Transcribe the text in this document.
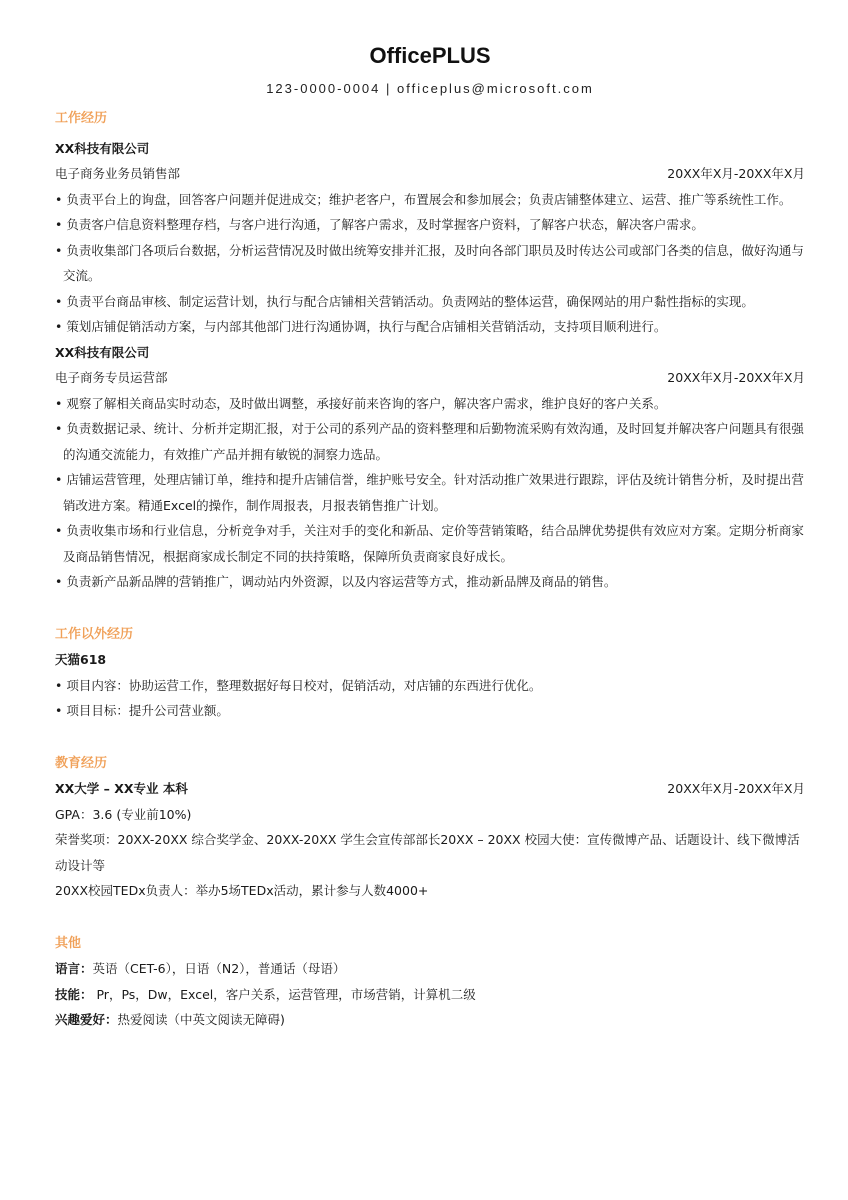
OfficePLUS
123-0000-0004 | officeplus@microsoft.com
工作经历
XX科技有限公司
电子商务业务员销售部	20XX年X月-20XX年X月
• 负责平台上的询盘，回答客户问题并促进成交；维护老客户，布置展会和参加展会；负责店铺整体建立、运营、推广等系统性工作。
• 负责客户信息资料整理存档，与客户进行沟通，了解客户需求，及时掌握客户资料，了解客户状态，解决客户需求。
• 负责收集部门各项后台数据，分析运营情况及时做出统筹安排并汇报，及时向各部门职员及时传达公司或部门各类的信息，做好沟通与交流。
• 负责平台商品审核、制定运营计划，执行与配合店铺相关营销活动。负责网站的整体运营，确保网站的用户黏性指标的实现。
• 策划店铺促销活动方案，与内部其他部门进行沟通协调，执行与配合店铺相关营销活动，支持项目顺利进行。
XX科技有限公司
电子商务专员运营部	20XX年X月-20XX年X月
• 观察了解相关商品实时动态，及时做出调整，承接好前来咨询的客户，解决客户需求，维护良好的客户关系。
• 负责数据记录、统计、分析并定期汇报，对于公司的系列产品的资料整理和后勤物流采购有效沟通，及时回复并解决客户问题具有很强的沟通交流能力，有效推广产品并拥有敏锐的洞察力选品。
• 店铺运营管理，处理店铺订单，维持和提升店铺信誉，维护账号安全。针对活动推广效果进行跟踪，评估及统计销售分析，及时提出营销改进方案。精通Excel的操作，制作周报表，月报表销售推广计划。
• 负责收集市场和行业信息，分析竞争对手，关注对手的变化和新品、定价等营销策略，结合品牌优势提供有效应对方案。定期分析商家及商品销售情况，根据商家成长制定不同的扶持策略，保障所负责商家良好成长。
• 负责新产品新品牌的营销推广，调动站内外资源，以及内容运营等方式，推动新品牌及商品的销售。
工作以外经历
天猫618
• 项目内容：协助运营工作，整理数据好每日校对，促销活动，对店铺的东西进行优化。
• 项目目标：提升公司营业额。
教育经历
XX大学 – XX专业 本科	20XX年X月-20XX年X月
GPA：3.6 (专业前10%)
荣誉奖项：20XX-20XX 综合奖学金、20XX-20XX 学生会宣传部部长20XX – 20XX 校园大使：宣传微博产品、话题设计、线下微博活动设计等
20XX校园TEDx负责人：举办5场TEDx活动，累计参与人数4000+
其他
语言：英语（CET-6），日语（N2），普通话（母语）
技能： Pr，Ps，Dw，Excel，客户关系，运营管理，市场营销，计算机二级
兴趣爱好：热爱阅读（中英文阅读无障碍)
